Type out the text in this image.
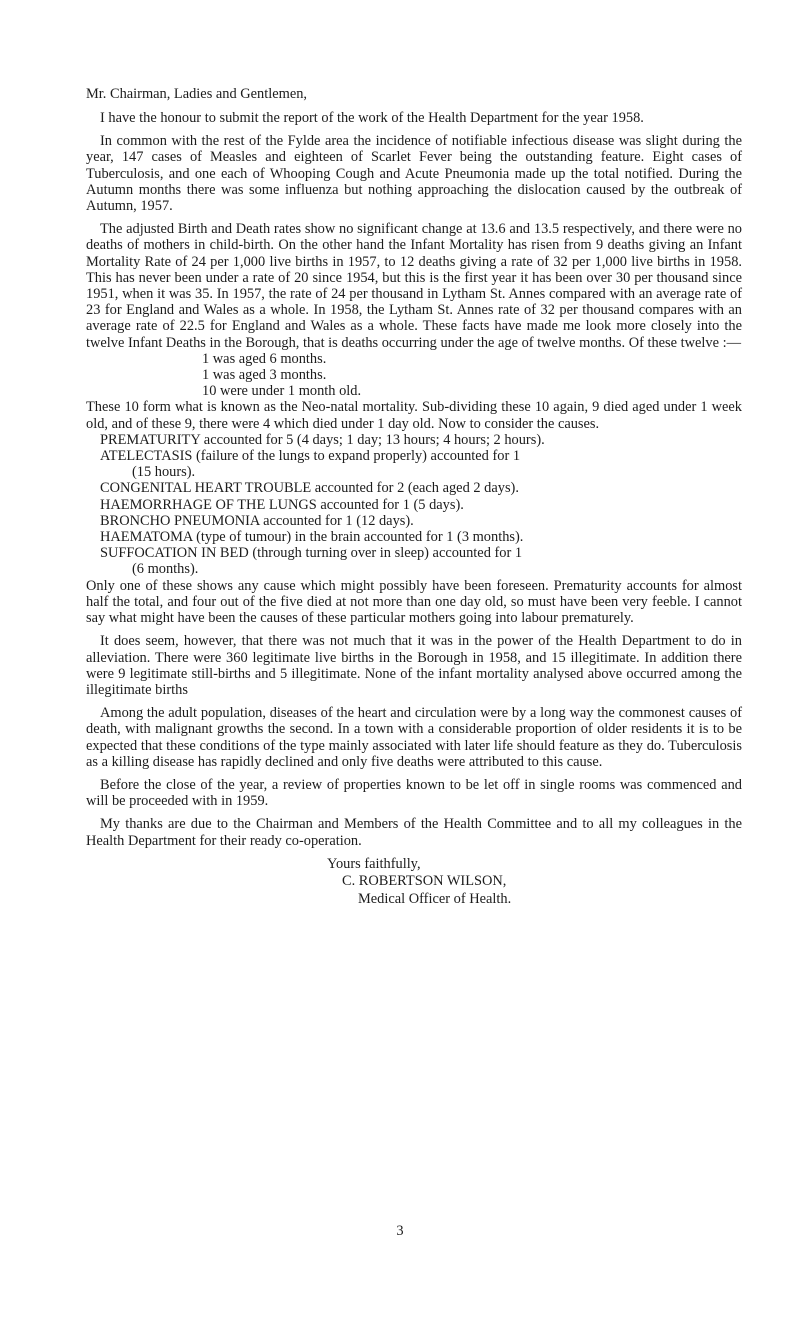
Mr. Chairman, Ladies and Gentlemen,

I have the honour to submit the report of the work of the Health Department for the year 1958.

In common with the rest of the Fylde area the incidence of notifiable infectious disease was slight during the year, 147 cases of Measles and eighteen of Scarlet Fever being the outstanding feature. Eight cases of Tuberculosis, and one each of Whooping Cough and Acute Pneumonia made up the total notified. During the Autumn months there was some influenza but nothing approaching the dislocation caused by the outbreak of Autumn, 1957.

The adjusted Birth and Death rates show no significant change at 13.6 and 13.5 respectively, and there were no deaths of mothers in child-birth. On the other hand the Infant Mortality has risen from 9 deaths giving an Infant Mortality Rate of 24 per 1,000 live births in 1957, to 12 deaths giving a rate of 32 per 1,000 live births in 1958. This has never been under a rate of 20 since 1954, but this is the first year it has been over 30 per thousand since 1951, when it was 35. In 1957, the rate of 24 per thousand in Lytham St. Annes compared with an average rate of 23 for England and Wales as a whole. In 1958, the Lytham St. Annes rate of 32 per thousand compares with an average rate of 22.5 for England and Wales as a whole. These facts have made me look more closely into the twelve Infant Deaths in the Borough, that is deaths occurring under the age of twelve months. Of these twelve :—

1 was aged 6 months.
1 was aged 3 months.
10 were under 1 month old.

These 10 form what is known as the Neo-natal mortality. Sub-dividing these 10 again, 9 died aged under 1 week old, and of these 9, there were 4 which died under 1 day old. Now to consider the causes.

PREMATURITY accounted for 5 (4 days; 1 day; 13 hours; 4 hours; 2 hours).
ATELECTASIS (failure of the lungs to expand properly) accounted for 1
(15 hours).
CONGENITAL HEART TROUBLE accounted for 2 (each aged 2 days).
HAEMORRHAGE OF THE LUNGS accounted for 1 (5 days).
BRONCHO PNEUMONIA accounted for 1 (12 days).
HAEMATOMA (type of tumour) in the brain accounted for 1 (3 months).
SUFFOCATION IN BED (through turning over in sleep) accounted for 1
(6 months).

Only one of these shows any cause which might possibly have been foreseen. Prematurity accounts for almost half the total, and four out of the five died at not more than one day old, so must have been very feeble. I cannot say what might have been the causes of these particular mothers going into labour prematurely.

It does seem, however, that there was not much that it was in the power of the Health Department to do in alleviation. There were 360 legitimate live births in the Borough in 1958, and 15 illegitimate. In addition there were 9 legitimate still-births and 5 illegitimate. None of the infant mortality analysed above occurred among the illegitimate births

Among the adult population, diseases of the heart and circulation were by a long way the commonest causes of death, with malignant growths the second. In a town with a considerable proportion of older residents it is to be expected that these conditions of the type mainly associated with later life should feature as they do. Tuberculosis as a killing disease has rapidly declined and only five deaths were attributed to this cause.

Before the close of the year, a review of properties known to be let off in single rooms was commenced and will be proceeded with in 1959.

My thanks are due to the Chairman and Members of the Health Committee and to all my colleagues in the Health Department for their ready co-operation.

Yours faithfully,
C. ROBERTSON WILSON,
Medical Officer of Health.
3
